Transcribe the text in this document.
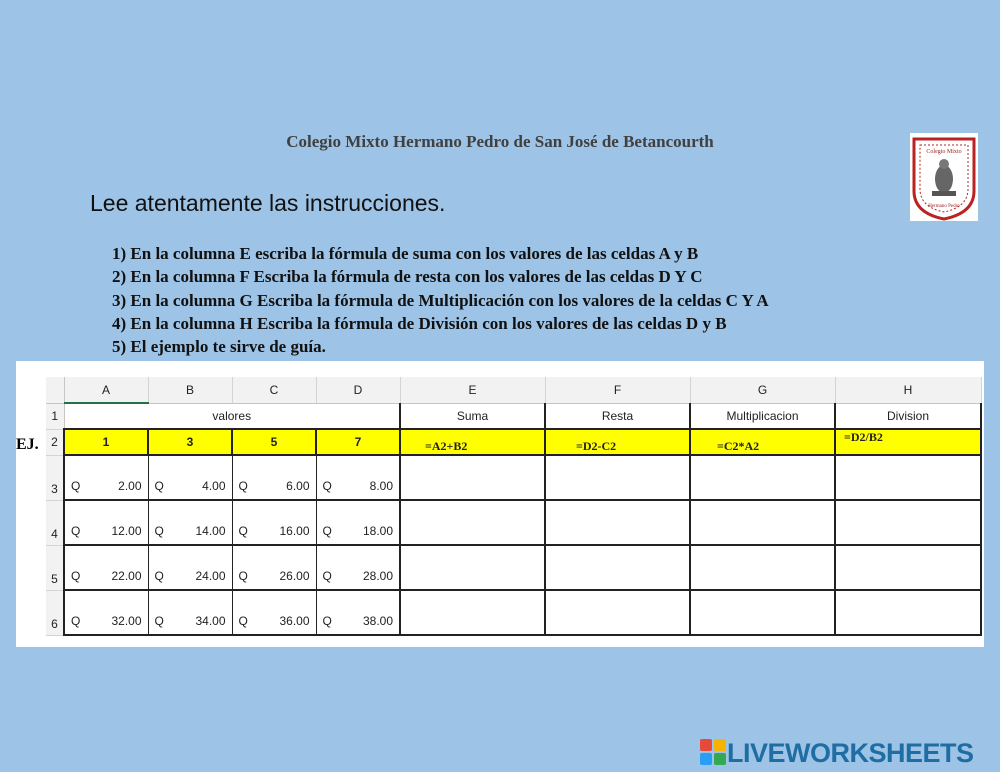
Colegio Mixto Hermano Pedro de San José de Betancourth
Colegio Mixto
Hermano Pedro
Lee atentamente las instrucciones.
1) En la columna E escriba la fórmula de suma con los valores de las celdas A y B
2) En la columna F Escriba la fórmula de resta con los valores de las celdas D Y C
3) En la columna G Escriba la fórmula de Multiplicación con los valores de la celdas C Y A
4) En la columna H Escriba la fórmula de División con los valores de las celdas D y B
5) El ejemplo te sirve de guía.
EJ.
	A	B	C	D	E	F	G	H
1	valores				Suma	Resta	Multiplicacion	Division
2	1	3	5	7	=A2+B2	=D2-C2	=C2*A2	=D2/B2
3	Q 2.00	Q 4.00	Q 6.00	Q 8.00				

4	Q 12.00	Q 14.00	Q 16.00	Q 18.00				

5	Q 22.00	Q 24.00	Q 26.00	Q 28.00				

6	Q 32.00	Q 34.00	Q 36.00	Q 38.00				

LIVEWORKSHEETS
